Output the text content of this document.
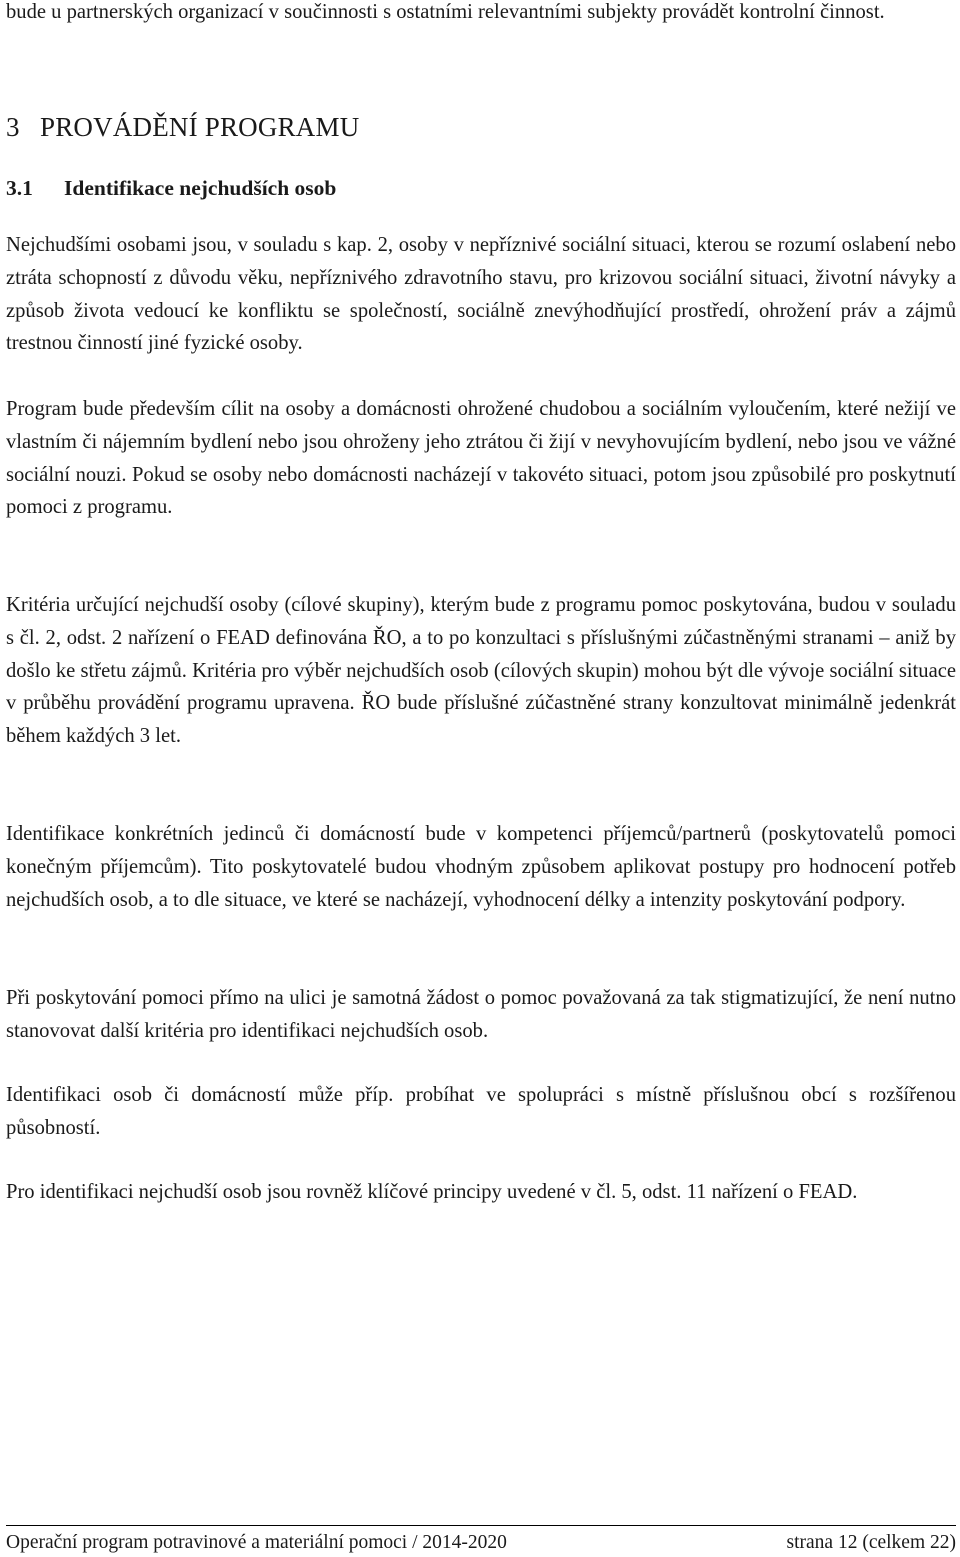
bude u partnerských organizací v součinnosti s ostatními relevantními subjekty provádět kontrolní činnost.

3 PROVÁDĚNÍ PROGRAMU
3.1 Identifikace nejchudších osob

Nejchudšími osobami jsou, v souladu s kap. 2, osoby v nepříznivé sociální situaci, kterou se rozumí oslabení nebo ztráta schopností z důvodu věku, nepříznivého zdravotního stavu, pro krizovou sociální situaci, životní návyky a způsob života vedoucí ke konfliktu se společností, sociálně znevýhodňující prostředí, ohrožení práv a zájmů trestnou činností jiné fyzické osoby.

Program bude především cílit na osoby a domácnosti ohrožené chudobou a sociálním vyloučením, které nežijí ve vlastním či nájemním bydlení nebo jsou ohroženy jeho ztrátou či žijí v nevyhovujícím bydlení, nebo jsou ve vážné sociální nouzi. Pokud se osoby nebo domácnosti nacházejí v takovéto situaci, potom jsou způsobilé pro poskytnutí pomoci z programu.

Kritéria určující nejchudší osoby (cílové skupiny), kterým bude z programu pomoc poskytována, budou v souladu s čl. 2, odst. 2 nařízení o FEAD definována ŘO, a to po konzultaci s příslušnými zúčastněnými stranami – aniž by došlo ke střetu zájmů. Kritéria pro výběr nejchudších osob (cílových skupin) mohou být dle vývoje sociální situace v průběhu provádění programu upravena. ŘO bude příslušné zúčastněné strany konzultovat minimálně jedenkrát během každých 3 let.

Identifikace konkrétních jedinců či domácností bude v kompetenci příjemců/partnerů (poskytovatelů pomoci konečným příjemcům). Tito poskytovatelé budou vhodným způsobem aplikovat postupy pro hodnocení potřeb nejchudších osob, a to dle situace, ve které se nacházejí, vyhodnocení délky a intenzity poskytování podpory.

Při poskytování pomoci přímo na ulici je samotná žádost o pomoc považovaná za tak stigmatizující, že není nutno stanovovat další kritéria pro identifikaci nejchudších osob.

Identifikaci osob či domácností může příp. probíhat ve spolupráci s místně příslušnou obcí s rozšířenou působností.

Pro identifikaci nejchudší osob jsou rovněž klíčové principy uvedené v čl. 5, odst. 11 nařízení o FEAD.

Operační program potravinové a materiální pomoci / 2014-2020	strana 12 (celkem 22)
